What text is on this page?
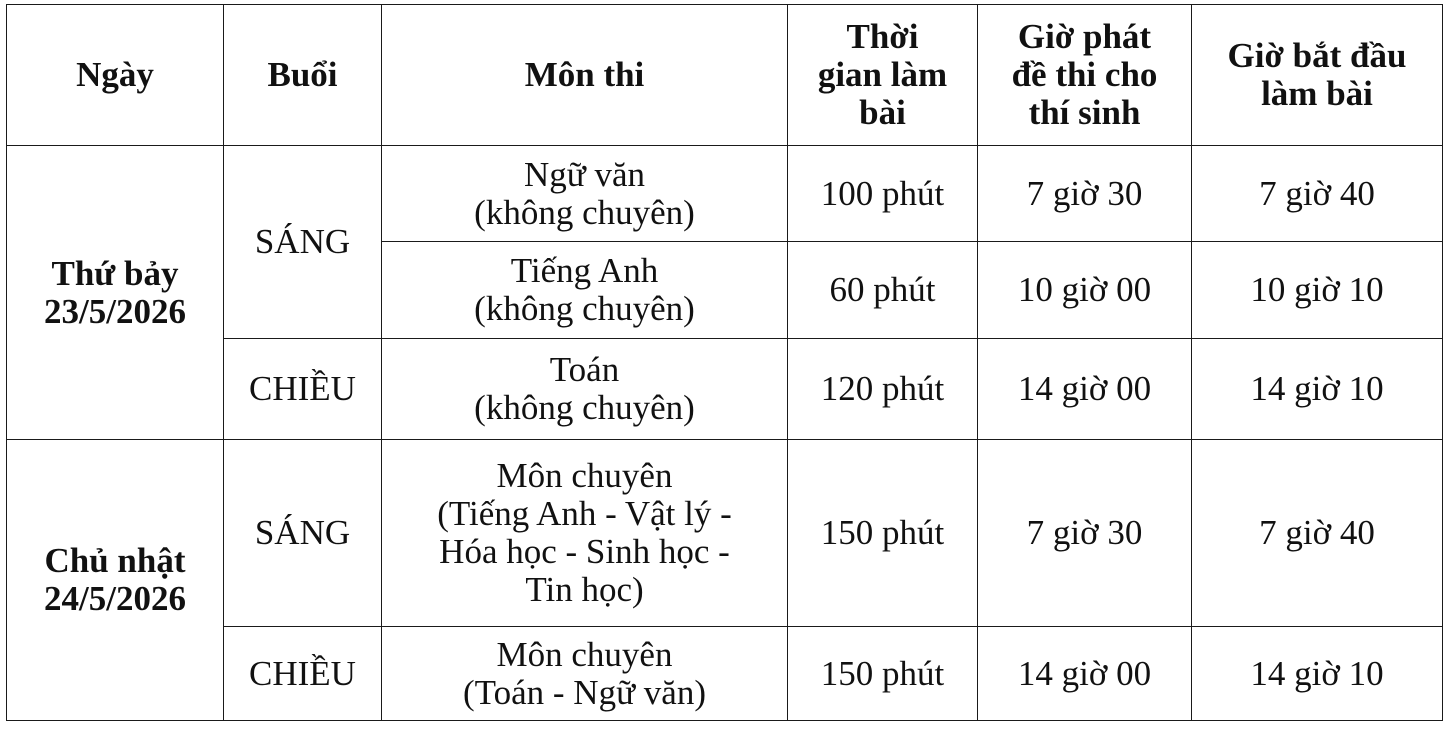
Ngày	Buổi	Môn thi	Thời
gian làm
bài	Giờ phát
đề thi cho
thí sinh	Giờ bắt đầu
làm bài

Thứ bảy
23/5/2026	SÁNG	Ngữ văn
(không chuyên)	100 phút	7 giờ 30	7 giờ 40

		Tiếng Anh
(không chuyên)	60 phút	10 giờ 00	10 giờ 10

	CHIỀU	Toán
(không chuyên)	120 phút	14 giờ 00	14 giờ 10

Chủ nhật
24/5/2026	SÁNG	Môn chuyên
(Tiếng Anh - Vật lý -
Hóa học - Sinh học -
Tin học)	150 phút	7 giờ 30	7 giờ 40

	CHIỀU	Môn chuyên
(Toán - Ngữ văn)	150 phút	14 giờ 00	14 giờ 10
